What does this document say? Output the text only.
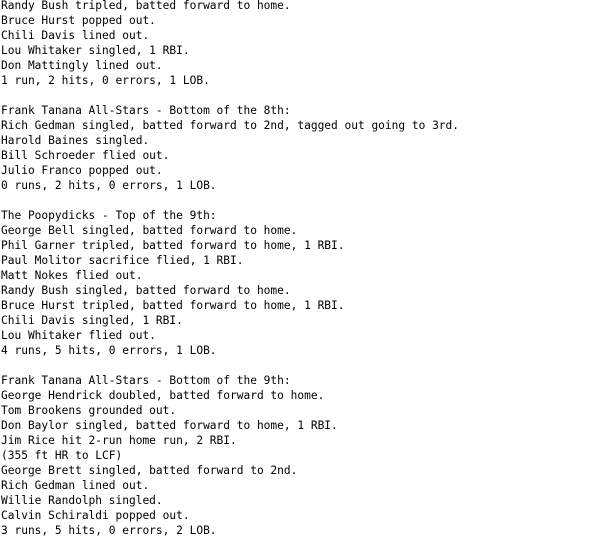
Randy Bush tripled, batted forward to home.
Bruce Hurst popped out.
Chili Davis lined out.
Lou Whitaker singled, 1 RBI.
Don Mattingly lined out.
1 run, 2 hits, 0 errors, 1 LOB.
Frank Tanana All-Stars - Bottom of the 8th:
Rich Gedman singled, batted forward to 2nd, tagged out going to 3rd.
Harold Baines singled.
Bill Schroeder flied out.
Julio Franco popped out.
0 runs, 2 hits, 0 errors, 1 LOB.
The Poopydicks - Top of the 9th:
George Bell singled, batted forward to home.
Phil Garner tripled, batted forward to home, 1 RBI.
Paul Molitor sacrifice flied, 1 RBI.
Matt Nokes flied out.
Randy Bush singled, batted forward to home.
Bruce Hurst tripled, batted forward to home, 1 RBI.
Chili Davis singled, 1 RBI.
Lou Whitaker flied out.
4 runs, 5 hits, 0 errors, 1 LOB.
Frank Tanana All-Stars - Bottom of the 9th:
George Hendrick doubled, batted forward to home.
Tom Brookens grounded out.
Don Baylor singled, batted forward to home, 1 RBI.
Jim Rice hit 2-run home run, 2 RBI.
(355 ft HR to LCF)
George Brett singled, batted forward to 2nd.
Rich Gedman lined out.
Willie Randolph singled.
Calvin Schiraldi popped out.
3 runs, 5 hits, 0 errors, 2 LOB.
